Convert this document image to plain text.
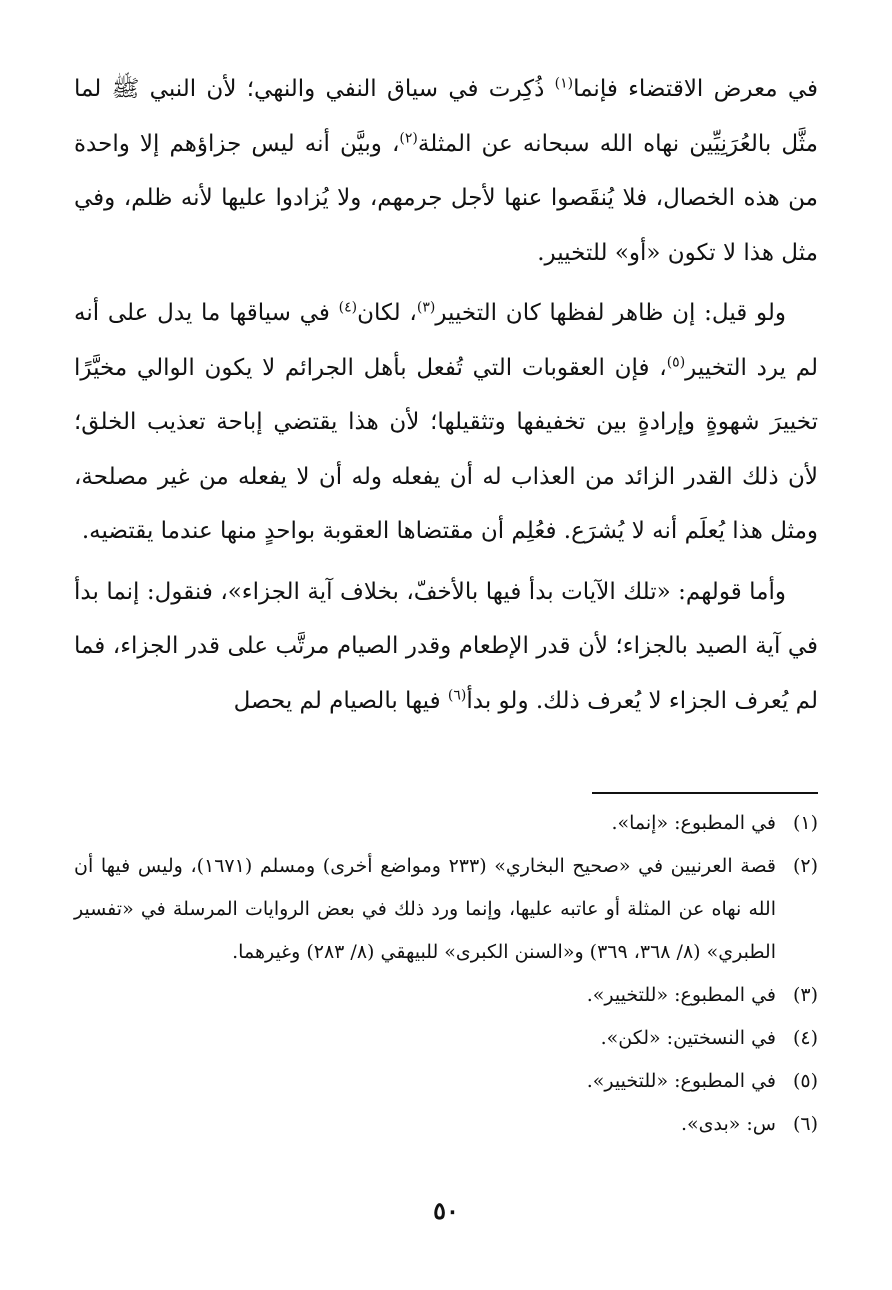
في معرض الاقتضاء فإنما$^{(١)}$ ذُكِرت في سياق النفي والنهي؛ لأن النبي ﷺ لما مثَّل بالعُرَنِيِّين نهاه الله سبحانه عن المثلة$^{(٢)}$، وبيَّن أنه ليس جزاؤهم إلا واحدة من هذه الخصال، فلا يُنقَصوا عنها لأجل جرمهم، ولا يُزادوا عليها لأنه ظلم، وفي مثل هذا لا تكون «أو» للتخيير.

ولو قيل: إن ظاهر لفظها كان التخيير$^{(٣)}$، لكان$^{(٤)}$ في سياقها ما يدل على أنه لم يرد التخيير$^{(٥)}$، فإن العقوبات التي تُفعل بأهل الجرائم لا يكون الوالي مخيَّرًا تخييرَ شهوةٍ وإرادةٍ بين تخفيفها وتثقيلها؛ لأن هذا يقتضي إباحة تعذيب الخلق؛ لأن ذلك القدر الزائد من العذاب له أن يفعله وله أن لا يفعله من غير مصلحة، ومثل هذا يُعلَم أنه لا يُشرَع. فعُلِم أن مقتضاها العقوبة بواحدٍ منها عندما يقتضيه.

وأما قولهم: «تلك الآيات بدأ فيها بالأخفّ، بخلاف آية الجزاء»، فنقول: إنما بدأ في آية الصيد بالجزاء؛ لأن قدر الإطعام وقدر الصيام مرتَّب على قدر الجزاء، فما لم يُعرف الجزاء لا يُعرف ذلك. ولو بدأ$^{(٦)}$ فيها بالصيام لم يحصل

(١)
في المطبوع: «إنما».
(٢)
قصة العرنيين في «صحيح البخاري» (٢٣٣ ومواضع أخرى) ومسلم (١٦٧١)، وليس فيها أن الله نهاه عن المثلة أو عاتبه عليها، وإنما ورد ذلك في بعض الروايات المرسلة في «تفسير الطبري» (٨/ ٣٦٨، ٣٦٩) و«السنن الكبرى» للبيهقي (٨/ ٢٨٣) وغيرهما.
(٣)
في المطبوع: «للتخيير».
(٤)
في النسختين: «لكن».
(٥)
في المطبوع: «للتخيير».
(٦)
س: «بدى».
٥٠
